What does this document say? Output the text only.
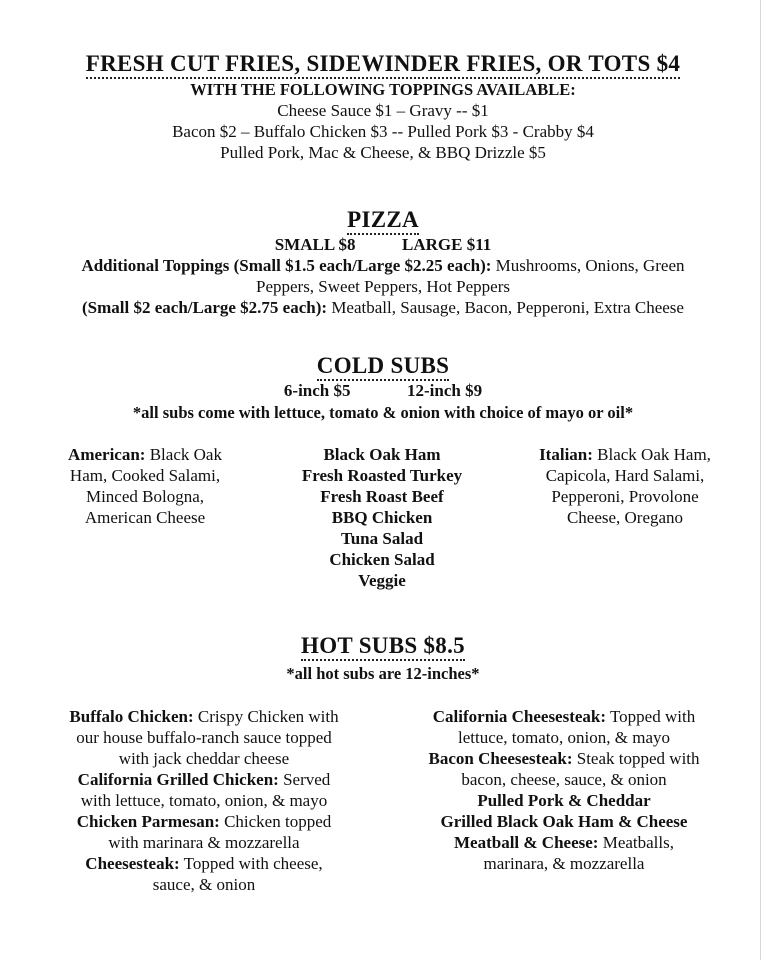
FRESH CUT FRIES, SIDEWINDER FRIES, OR TOTS $4
WITH THE FOLLOWING TOPPINGS AVAILABLE:
Cheese Sauce $1 – Gravy -- $1
Bacon $2 – Buffalo Chicken $3 -- Pulled Pork $3 - Crabby $4
Pulled Pork, Mac & Cheese, & BBQ Drizzle $5
PIZZA
SMALL $8	LARGE $11
Additional Toppings (Small $1.5 each/Large $2.25 each): Mushrooms, Onions, Green
Peppers, Sweet Peppers, Hot Peppers
(Small $2 each/Large $2.75 each): Meatball, Sausage, Bacon, Pepperoni, Extra Cheese
COLD SUBS
6-inch $5	12-inch $9
*all subs come with lettuce, tomato & onion with choice of mayo or oil*
American: Black Oak
Ham, Cooked Salami,
Minced Bologna,
American Cheese
Black Oak Ham
Fresh Roasted Turkey
Fresh Roast Beef
BBQ Chicken
Tuna Salad
Chicken Salad
Veggie
Italian: Black Oak Ham,
Capicola, Hard Salami,
Pepperoni, Provolone
Cheese, Oregano
HOT SUBS $8.5
*all hot subs are 12-inches*
Buffalo Chicken: Crispy Chicken with
our house buffalo-ranch sauce topped
with jack cheddar cheese
California Grilled Chicken: Served
with lettuce, tomato, onion, & mayo
Chicken Parmesan: Chicken topped
with marinara & mozzarella
Cheesesteak: Topped with cheese,
sauce, & onion
California Cheesesteak: Topped with
lettuce, tomato, onion, & mayo
Bacon Cheesesteak: Steak topped with
bacon, cheese, sauce, & onion
Pulled Pork & Cheddar
Grilled Black Oak Ham & Cheese
Meatball & Cheese: Meatballs,
marinara, & mozzarella
